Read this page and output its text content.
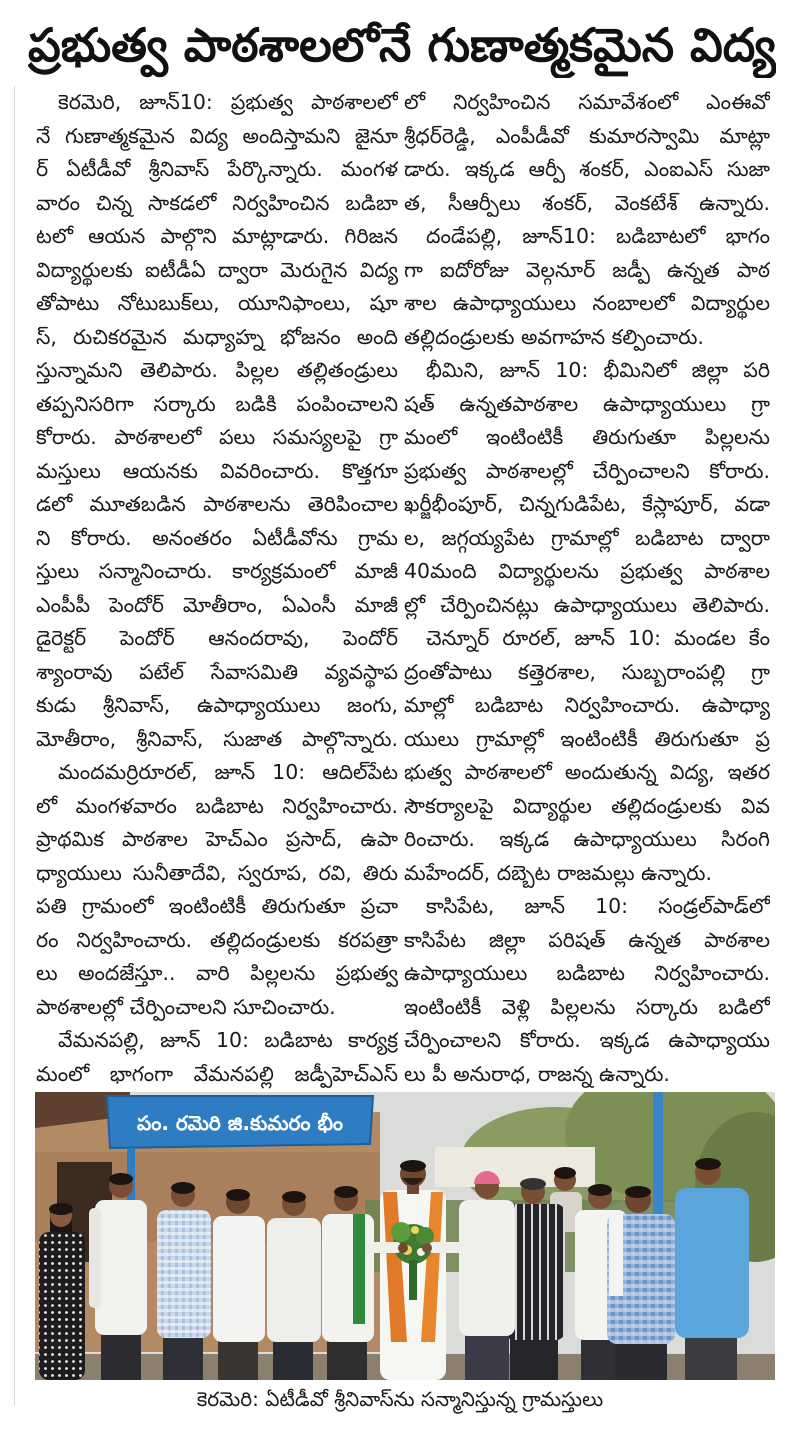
ప్రభుత్వ పాఠశాలలోనే గుణాత్మకమైన విద్య
కెరమెరి, జూన్10: ప్రభుత్వ పాఠశాలలో
నే గుణాత్మకమైన విద్య అందిస్తామని జైనూ
ర్ ఏటీడీవో శ్రీనివాస్ పేర్కొన్నారు. మంగళ
వారం చిన్న సాకడలో నిర్వహించిన బడిబా
టలో ఆయన పాల్గొని మాట్లాడారు. గిరిజన
విద్యార్థులకు ఐటీడీఏ ద్వారా మెరుగైన విద్య
తోపాటు నోటుబుక్‌లు, యూనిఫాంలు, షూ
స్, రుచికరమైన మధ్యాహ్న భోజనం అంది
స్తున్నామని తెలిపారు. పిల్లల తల్లితండ్రులు
తప్పనిసరిగా సర్కారు బడికి పంపించాలని
కోరారు. పాఠశాలలో పలు సమస్యలపై గ్రా
మస్తులు ఆయనకు వివరించారు. కొత్తగూ
డలో మూతబడిన పాఠశాలను తెరిపించాల
ని కోరారు. అనంతరం ఏటీడీవోను గ్రామ
స్తులు సన్మానించారు. కార్యక్రమంలో మాజీ
ఎంపీపీ పెందోర్ మోతీరాం, ఏఎంసీ మాజీ
డైరెక్టర్ పెందోర్ ఆనందరావు, పెందోర్
శ్యాంరావు పటేల్ సేవాసమితి వ్యవస్థాప
కుడు శ్రీనివాస్, ఉపాధ్యాయులు జంగు,
మోతీరాం, శ్రీనివాస్, సుజాత పాల్గొన్నారు.
మందమర్రిరూరల్, జూన్ 10: ఆదిల్‌పేట
లో మంగళవారం బడిబాట నిర్వహించారు.
ప్రాథమిక పాఠశాల హెచ్‌ఎం ప్రసాద్, ఉపా
ధ్యాయులు సునీతాదేవి, స్వరూప, రవి, తిరు
పతి గ్రామంలో ఇంటింటికీ తిరుగుతూ ప్రచా
రం నిర్వహించారు. తల్లిదండ్రులకు కరపత్రా
లు అందజేస్తూ.. వారి పిల్లలను ప్రభుత్వ
పాఠశాలల్లో చేర్పించాలని సూచించారు.
వేమనపల్లి, జూన్ 10: బడిబాట కార్యక్ర
మంలో భాగంగా వేమనపల్లి జడ్పీహెచ్‌ఎస్
లో నిర్వహించిన సమావేశంలో ఎంఈవో
శ్రీధర్‌రెడ్డి, ఎంపీడీవో కుమారస్వామి మాట్లా
డారు. ఇక్కడ ఆర్పీ శంకర్, ఎంఐఎస్ సుజా
త, సీఆర్పీలు శంకర్, వెంకటేశ్ ఉన్నారు.
దండేపల్లి, జూన్10: బడిబాటలో భాగం
గా ఐదోరోజు వెల్గనూర్ జడ్పీ ఉన్నత పాఠ
శాల ఉపాధ్యాయులు నంబాలలో విద్యార్థుల
తల్లిదండ్రులకు అవగాహన కల్పించారు.
భీమిని, జూన్ 10: భీమినిలో జిల్లా పరి
షత్ ఉన్నతపాఠశాల ఉపాధ్యాయులు గ్రా
మంలో ఇంటింటికీ తిరుగుతూ పిల్లలను
ప్రభుత్వ పాఠశాలల్లో చేర్పించాలని కోరారు.
ఖర్జీభీంపూర్, చిన్నగుడిపేట, కేస్లాపూర్, వడా
ల, జగ్గయ్యపేట గ్రామాల్లో బడిబాట ద్వారా
40మంది విద్యార్థులను ప్రభుత్వ పాఠశాల
ల్లో చేర్పించినట్లు ఉపాధ్యాయులు తెలిపారు.
చెన్నూర్ రూరల్, జూన్ 10: మండల కేం
ద్రంతోపాటు కత్తెరశాల, సుబ్బరాంపల్లి గ్రా
మాల్లో బడిబాట నిర్వహించారు. ఉపాధ్యా
యులు గ్రామాల్లో ఇంటింటికీ తిరుగుతూ ప్ర
భుత్వ పాఠశాలలో అందుతున్న విద్య, ఇతర
సౌకర్యాలపై విద్యార్థుల తల్లిదండ్రులకు వివ
రించారు. ఇక్కడ ఉపాధ్యాయులు సిరంగి
మహేందర్, దబ్బెట రాజమల్లు ఉన్నారు.
కాసిపేట, జూన్ 10: సండ్రల్‌పాడ్‌లో
కాసిపేట జిల్లా పరిషత్ ఉన్నత పాఠశాల
ఉపాధ్యాయులు బడిబాట నిర్వహించారు.
ఇంటింటికీ వెళ్లి పిల్లలను సర్కారు బడిలో
చేర్పించాలని కోరారు. ఇక్కడ ఉపాధ్యాయు
లు పీ అనురాధ, రాజన్న ఉన్నారు.
పం. రమెరి జి.కుమరం భీం
కెరమెరి: ఏటీడీవో శ్రీనివాస్‌ను సన్మానిస్తున్న గ్రామస్తులు
